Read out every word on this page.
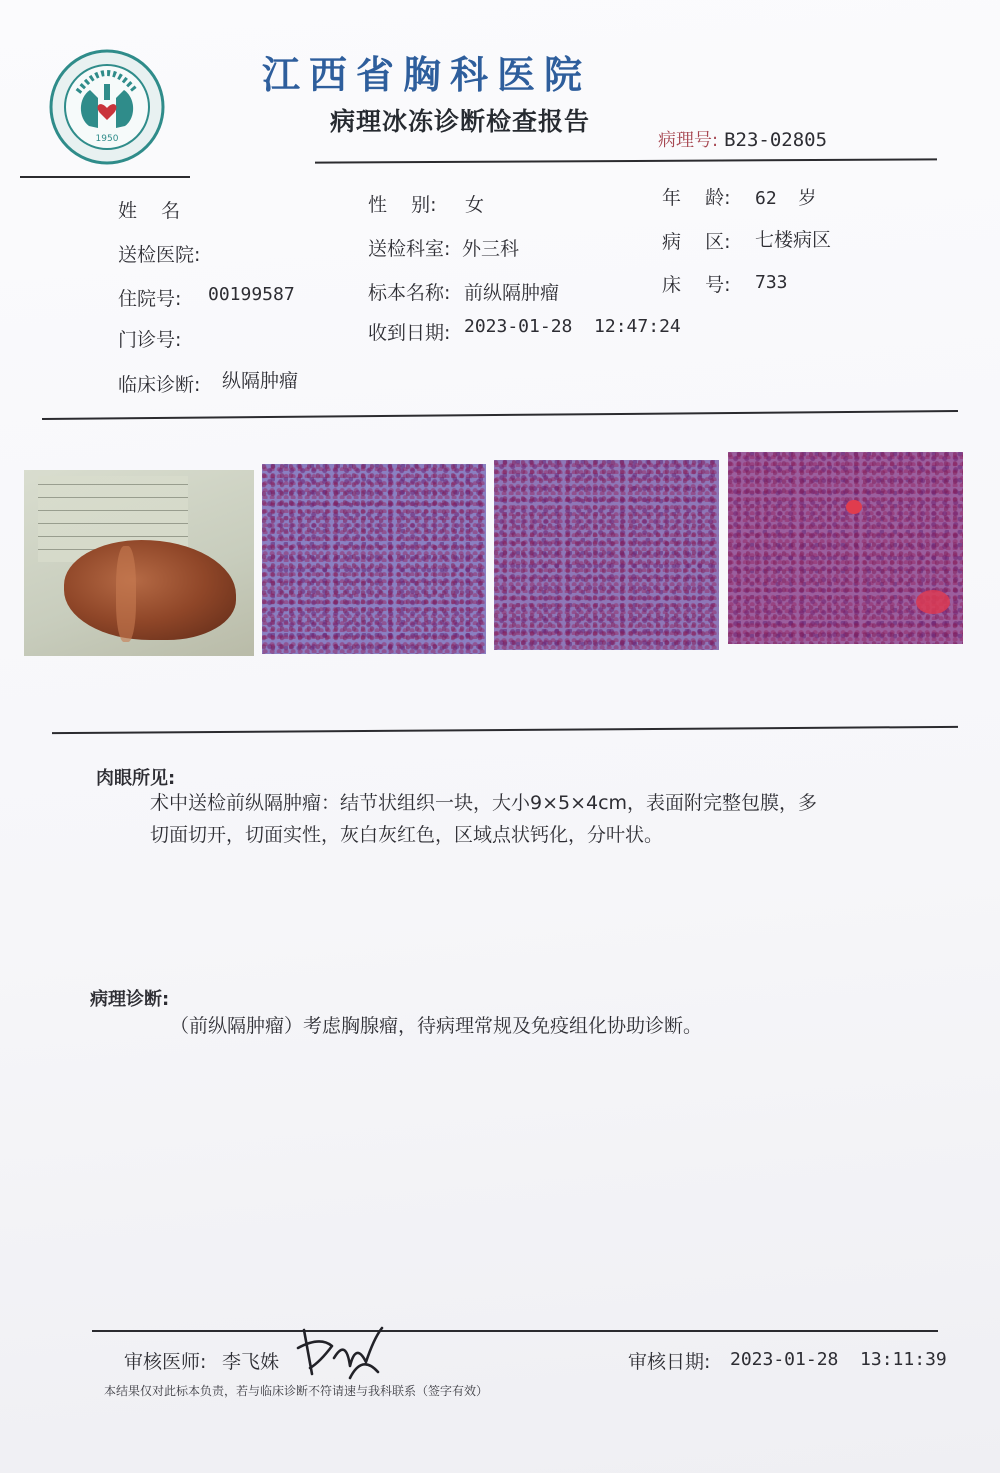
1950
江西省胸科医院
病理冰冻诊断检查报告
病理号: B23-02805
姓    名	性    别: 女	年    龄: 62  岁
送检医院:	送检科室: 外三科	病    区: 七楼病区
住院号: 00199587	标本名称: 前纵隔肿瘤	床    号: 733
门诊号:	收到日期: 2023-01-28  12:47:24
临床诊断: 纵隔肿瘤
肉眼所见:
术中送检前纵隔肿瘤：结节状组织一块，大小9×5×4cm，表面附完整包膜，多切面切开，切面实性，灰白灰红色，区域点状钙化，分叶状。
病理诊断:
（前纵隔肿瘤）考虑胸腺瘤，待病理常规及免疫组化协助诊断。
审核医师: 李飞姝	审核日期: 2023-01-28  13:11:39
本结果仅对此标本负责，若与临床诊断不符请速与我科联系（签字有效）
